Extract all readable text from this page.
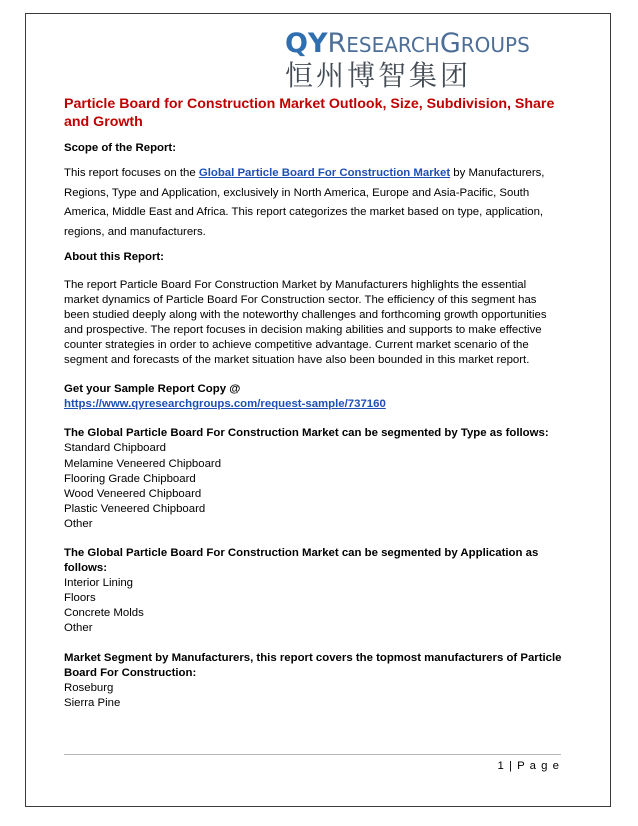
QYRESEARCHGROUPS
恒州博智集团

Particle Board for Construction Market Outlook, Size, Subdivision, Share and Growth

Scope of the Report:

This report focuses on the Global Particle Board For Construction Market by Manufacturers, Regions, Type and Application, exclusively in North America, Europe and Asia-Pacific, South America, Middle East and Africa. This report categorizes the market based on type, application, regions, and manufacturers.

About this Report:

The report Particle Board For Construction Market by Manufacturers highlights the essential market dynamics of Particle Board For Construction sector. The efficiency of this segment has been studied deeply along with the noteworthy challenges and forthcoming growth opportunities and prospective. The report focuses in decision making abilities and supports to make effective counter strategies in order to achieve competitive advantage. Current market scenario of the segment and forecasts of the market situation have also been bounded in this market report.

Get your Sample Report Copy @

https://www.qyresearchgroups.com/request-sample/737160

The Global Particle Board For Construction Market can be segmented by Type as follows:

Standard Chipboard
Melamine Veneered Chipboard
Flooring Grade Chipboard
Wood Veneered Chipboard
Plastic Veneered Chipboard
Other

The Global Particle Board For Construction Market can be segmented by Application as follows:

Interior Lining
Floors
Concrete Molds
Other

Market Segment by Manufacturers, this report covers the topmost manufacturers of Particle Board For Construction:

Roseburg
Sierra Pine
1 | P a g e
